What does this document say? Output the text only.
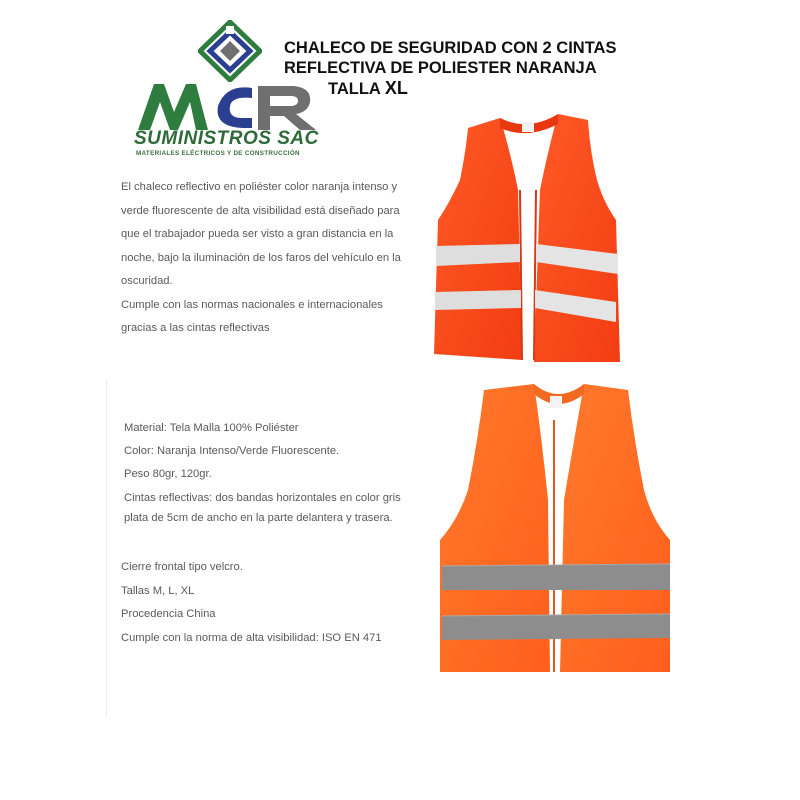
SUMINISTROS SAC
MATERIALES ELÉCTRICOS Y DE CONSTRUCCIÓN
CHALECO DE SEGURIDAD CON 2 CINTAS
REFLECTIVA DE POLIESTER NARANJA
TALLA XL

El chaleco reflectivo en poliéster color naranja intenso y verde fluorescente de alta visibilidad está diseñado para que el trabajador pueda ser visto a gran distancia en la noche, bajo la iluminación de los faros del vehículo en la oscuridad.

Cumple con las normas nacionales e internacionales gracias a las cintas reflectivas

Material: Tela Malla 100% Poliéster

Color: Naranja Intenso/Verde Fluorescente.

Peso 80gr, 120gr.

Cintas reflectivas: dos bandas horizontales en color gris plata de 5cm de ancho en la parte delantera y trasera.

Cierre frontal tipo velcro.

Tallas M, L, XL

Procedencia China

Cumple con la norma de alta visibilidad: ISO EN 471
